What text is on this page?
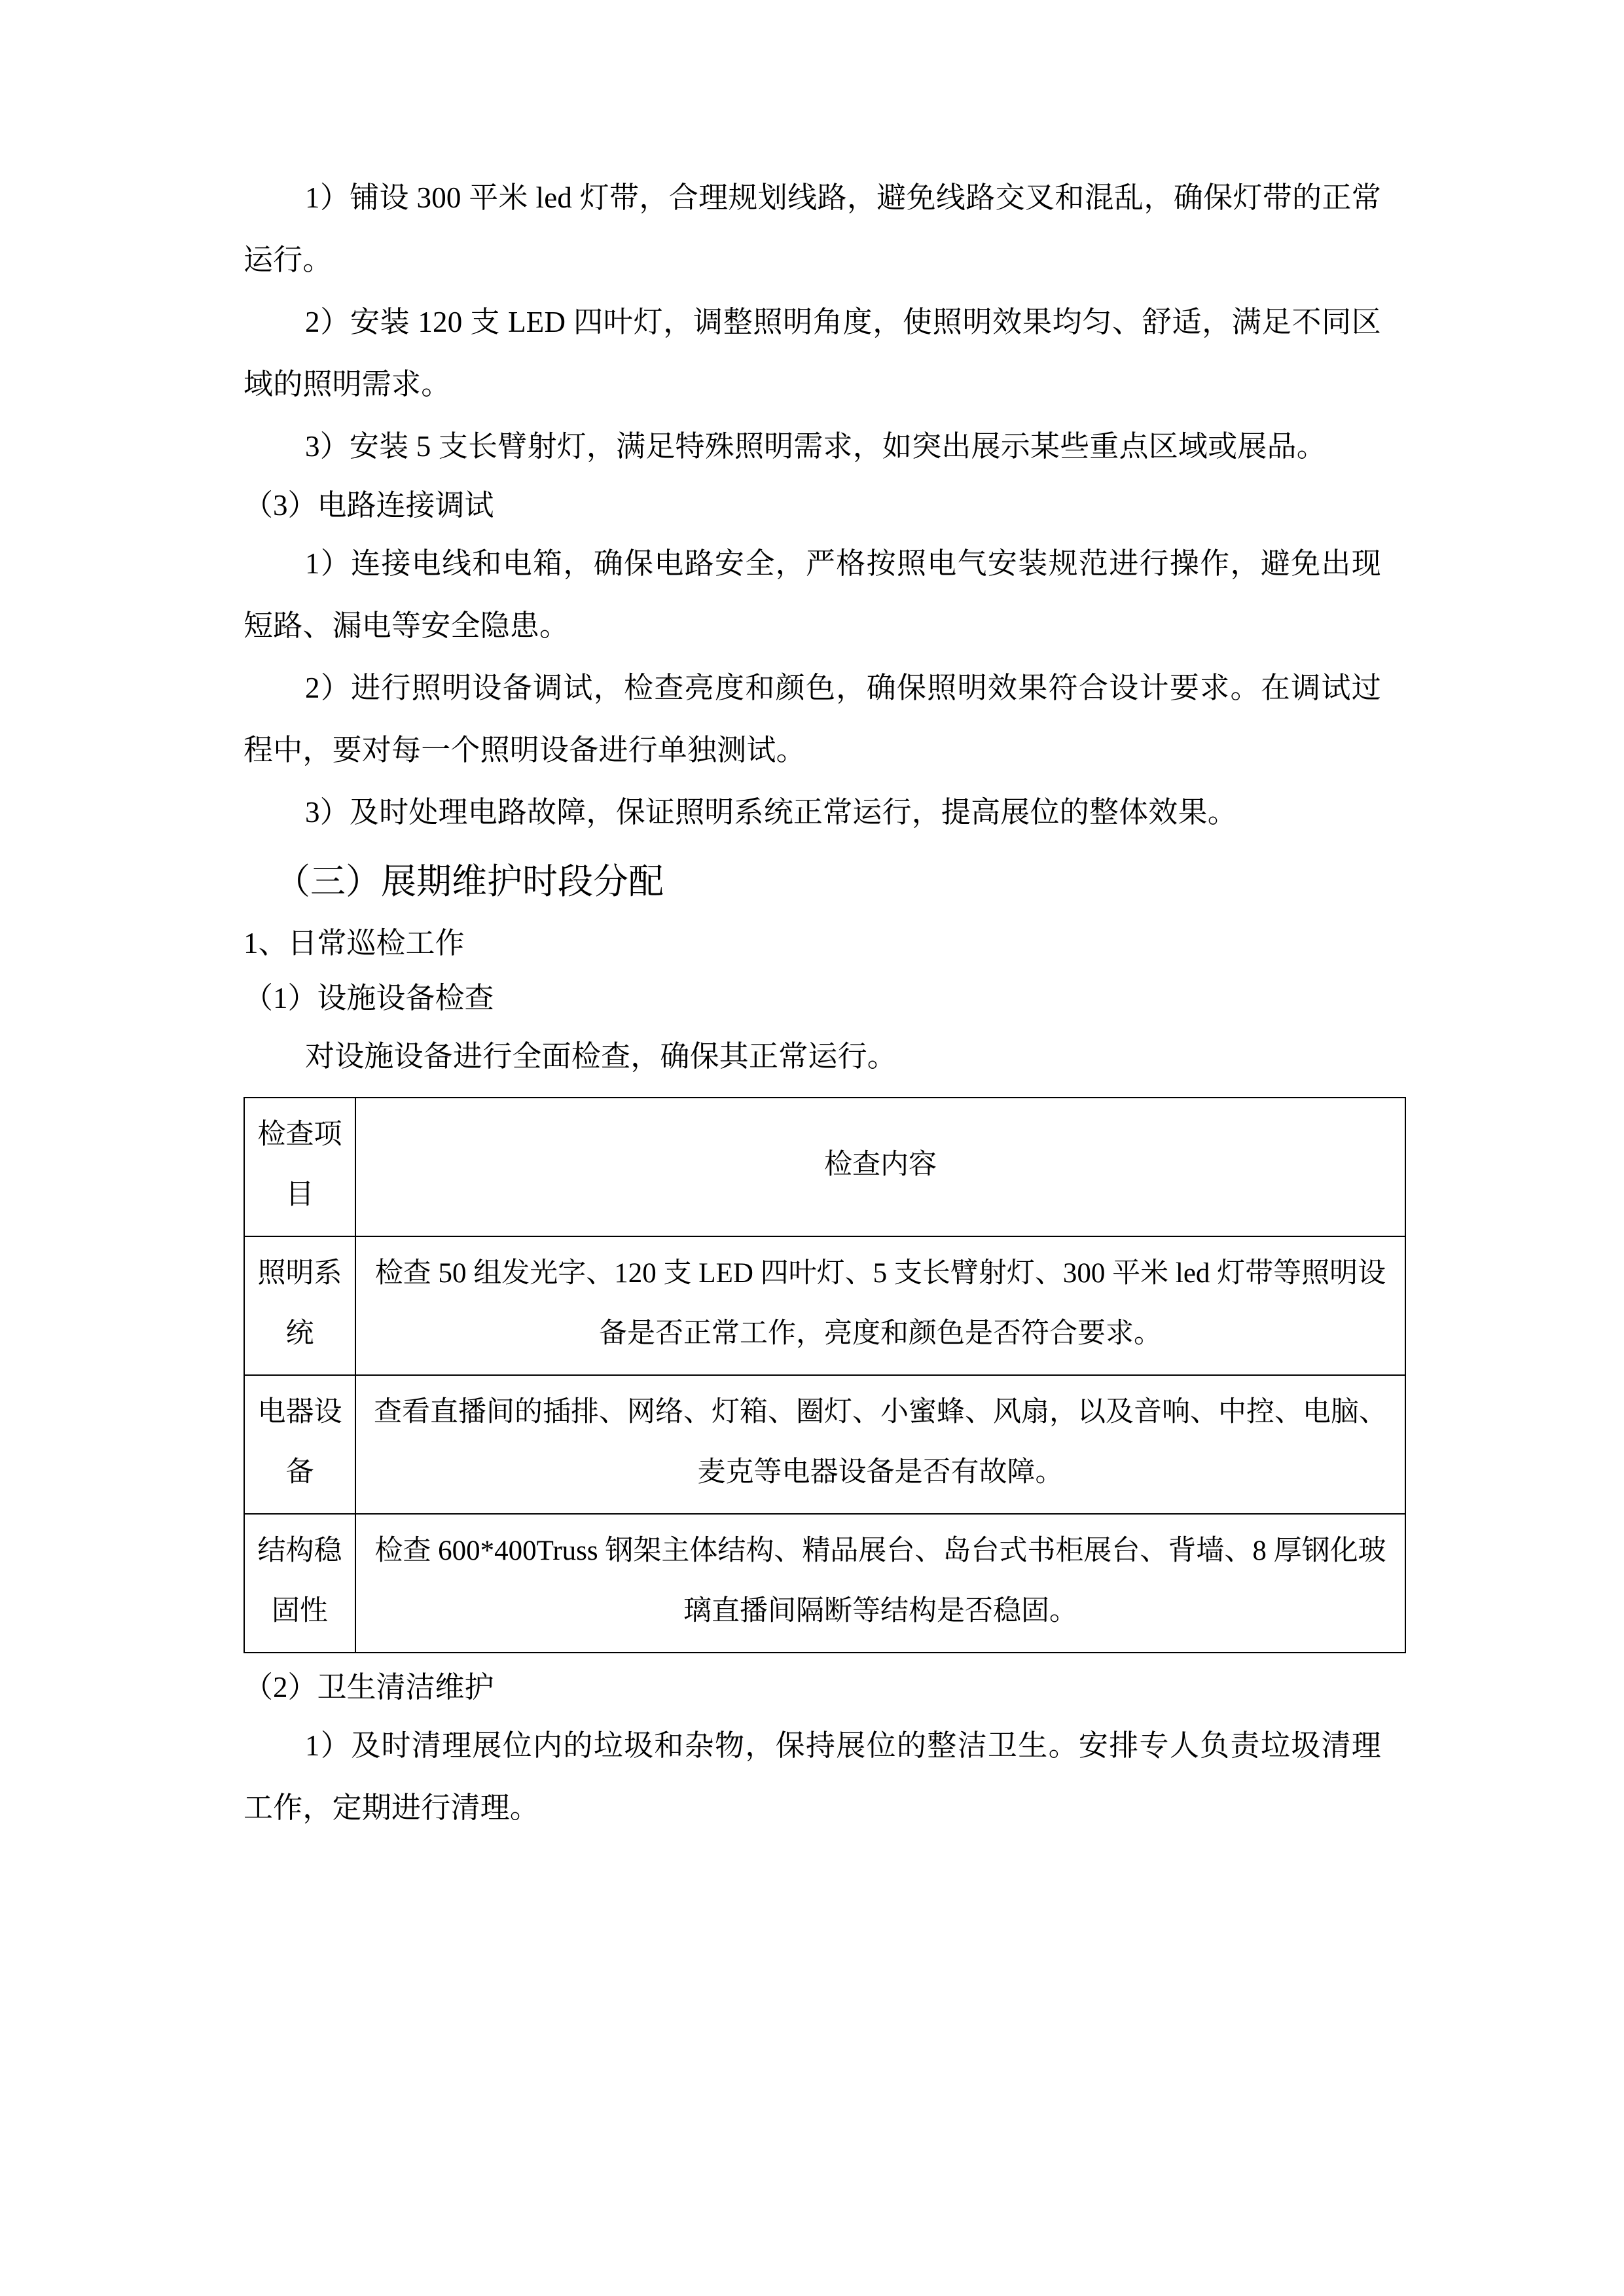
1）铺设 300 平米 led 灯带，合理规划线路，避免线路交叉和混乱，确保灯带的正常运行。

2）安装 120 支 LED 四叶灯，调整照明角度，使照明效果均匀、舒适，满足不同区域的照明需求。

3）安装 5 支长臂射灯，满足特殊照明需求，如突出展示某些重点区域或展品。

（3）电路连接调试

1）连接电线和电箱，确保电路安全，严格按照电气安装规范进行操作，避免出现短路、漏电等安全隐患。

2）进行照明设备调试，检查亮度和颜色，确保照明效果符合设计要求。在调试过程中，要对每一个照明设备进行单独测试。

3）及时处理电路故障，保证照明系统正常运行，提高展位的整体效果。

（三）展期维护时段分配

1、日常巡检工作

（1）设施设备检查

对设施设备进行全面检查，确保其正常运行。

检查项目	检查内容

照明系统	检查 50 组发光字、120 支 LED 四叶灯、5 支长臂射灯、300 平米 led 灯带等照明设备是否正常工作，亮度和颜色是否符合要求。

电器设备	查看直播间的插排、网络、灯箱、圈灯、小蜜蜂、风扇，以及音响、中控、电脑、麦克等电器设备是否有故障。

结构稳固性	检查 600*400Truss 钢架主体结构、精品展台、岛台式书柜展台、背墙、8 厚钢化玻璃直播间隔断等结构是否稳固。

（2）卫生清洁维护

1）及时清理展位内的垃圾和杂物，保持展位的整洁卫生。安排专人负责垃圾清理工作，定期进行清理。
